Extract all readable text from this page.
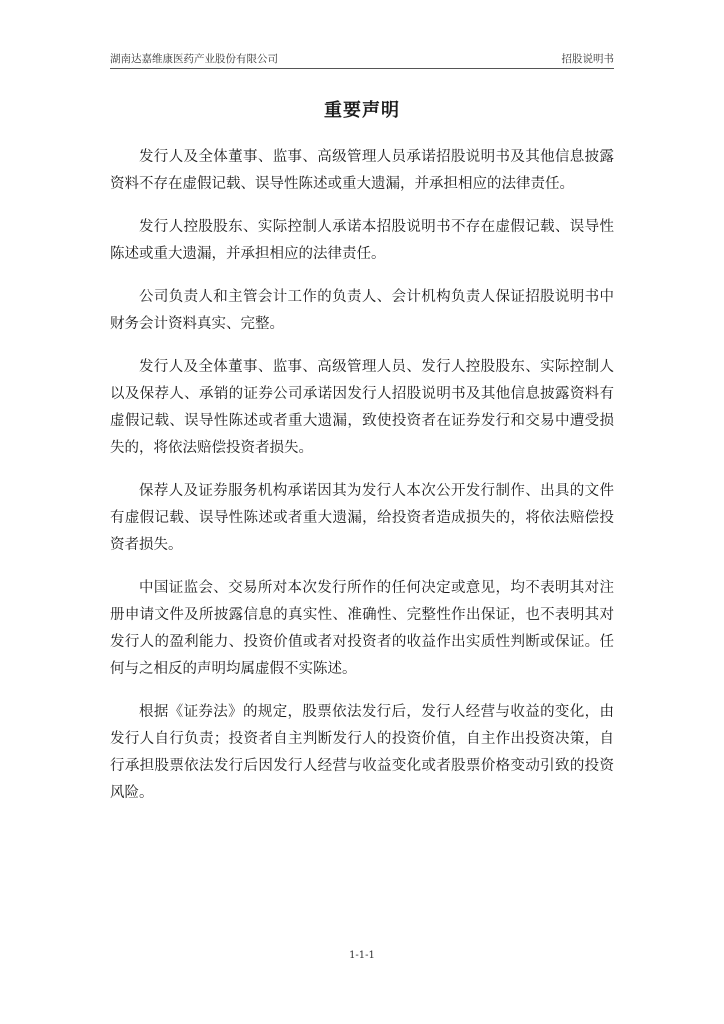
湖南达嘉维康医药产业股份有限公司	招股说明书
重要声明

发行人及全体董事、监事、高级管理人员承诺招股说明书及其他信息披露资料不存在虚假记载、误导性陈述或重大遗漏，并承担相应的法律责任。

发行人控股股东、实际控制人承诺本招股说明书不存在虚假记载、误导性陈述或重大遗漏，并承担相应的法律责任。

公司负责人和主管会计工作的负责人、会计机构负责人保证招股说明书中财务会计资料真实、完整。

发行人及全体董事、监事、高级管理人员、发行人控股股东、实际控制人以及保荐人、承销的证券公司承诺因发行人招股说明书及其他信息披露资料有虚假记载、误导性陈述或者重大遗漏，致使投资者在证券发行和交易中遭受损失的，将依法赔偿投资者损失。

保荐人及证券服务机构承诺因其为发行人本次公开发行制作、出具的文件有虚假记载、误导性陈述或者重大遗漏，给投资者造成损失的，将依法赔偿投资者损失。

中国证监会、交易所对本次发行所作的任何决定或意见，均不表明其对注册申请文件及所披露信息的真实性、准确性、完整性作出保证，也不表明其对发行人的盈利能力、投资价值或者对投资者的收益作出实质性判断或保证。任何与之相反的声明均属虚假不实陈述。

根据《证券法》的规定，股票依法发行后，发行人经营与收益的变化，由发行人自行负责；投资者自主判断发行人的投资价值，自主作出投资决策，自行承担股票依法发行后因发行人经营与收益变化或者股票价格变动引致的投资风险。

1-1-1
